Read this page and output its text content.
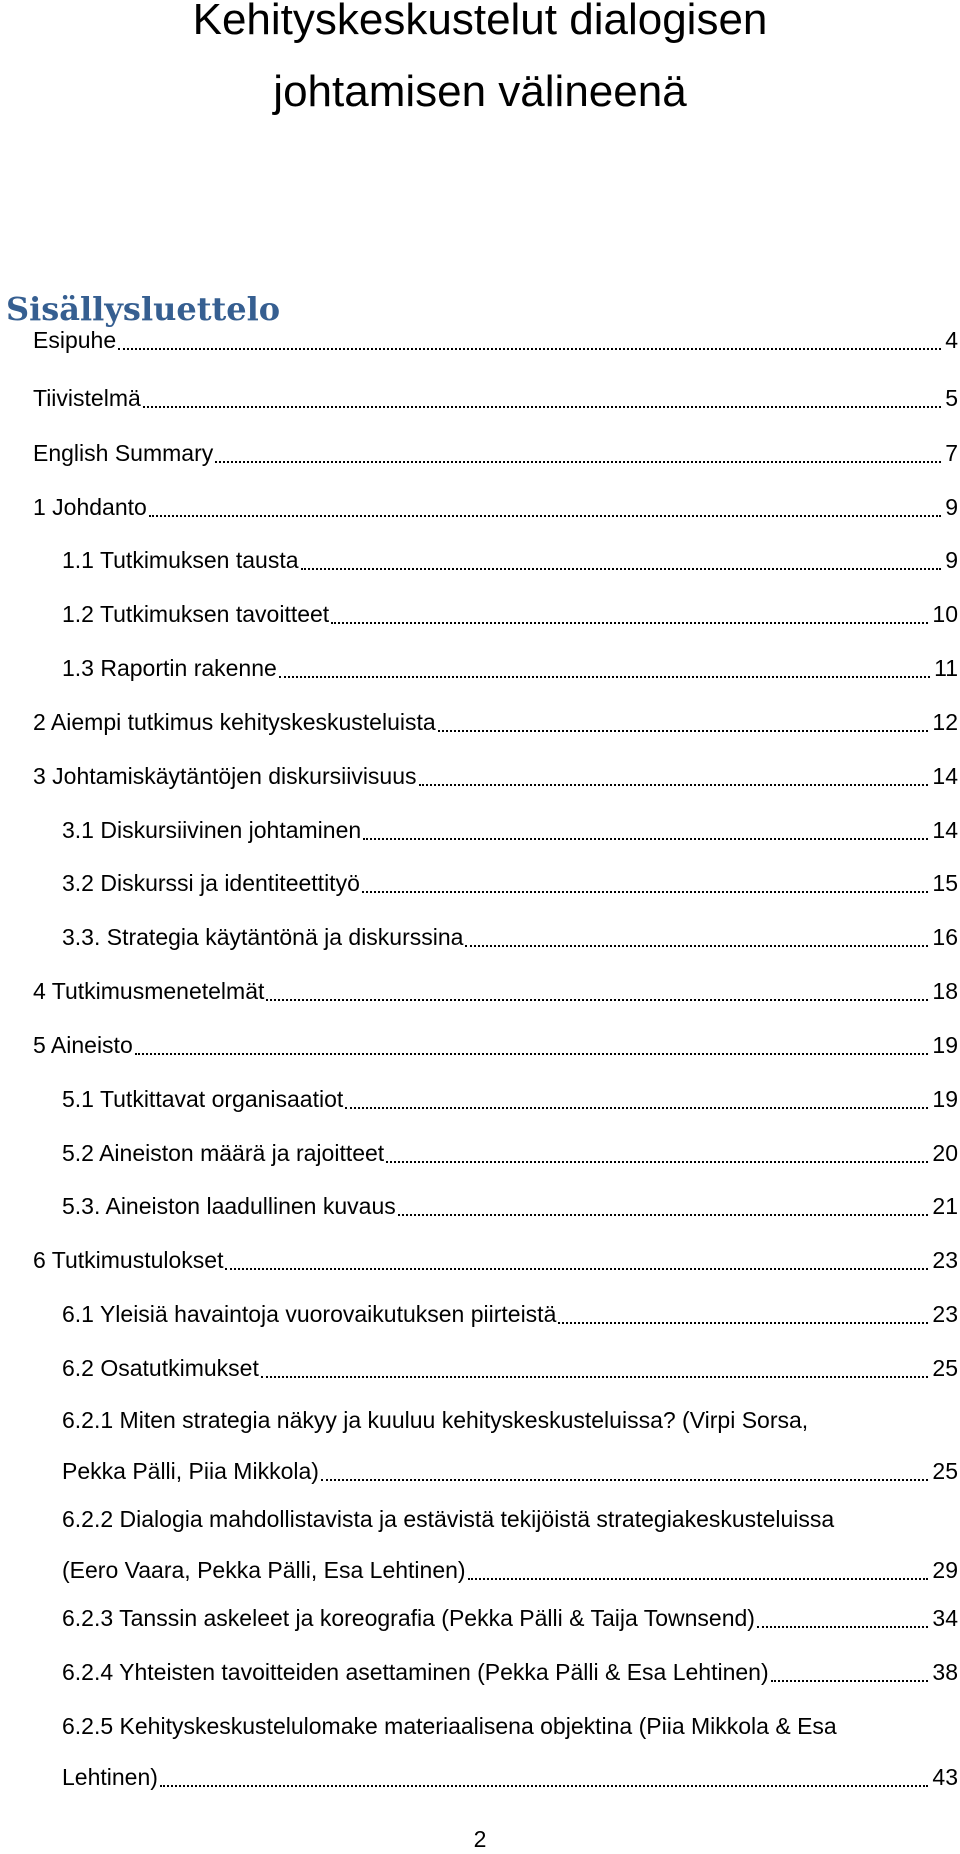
Kehityskeskustelut dialogisen
johtamisen välineenä
Sisällysluettelo
Esipuhe	4
Tiivistelmä	5
English Summary	7
1 Johdanto	9
1.1 Tutkimuksen tausta	9
1.2 Tutkimuksen tavoitteet	10
1.3 Raportin rakenne	11
2 Aiempi tutkimus kehityskeskusteluista	12
3 Johtamiskäytäntöjen diskursiivisuus	14
3.1 Diskursiivinen johtaminen	14
3.2 Diskurssi ja identiteettityö	15
3.3. Strategia käytäntönä ja diskurssina	16
4 Tutkimusmenetelmät	18
5 Aineisto	19
5.1 Tutkittavat organisaatiot	19
5.2 Aineiston määrä ja rajoitteet	20
5.3. Aineiston laadullinen kuvaus	21
6 Tutkimustulokset	23
6.1 Yleisiä havaintoja vuorovaikutuksen piirteistä	23
6.2 Osatutkimukset	25
6.2.1 Miten strategia näkyy ja kuuluu kehityskeskusteluissa? (Virpi Sorsa,
Pekka Pälli, Piia Mikkola)	25
6.2.2 Dialogia mahdollistavista ja estävistä tekijöistä strategiakeskusteluissa
(Eero Vaara, Pekka Pälli, Esa Lehtinen)	29
6.2.3 Tanssin askeleet ja koreografia (Pekka Pälli & Taija Townsend)	34
6.2.4 Yhteisten tavoitteiden asettaminen (Pekka Pälli & Esa Lehtinen)	38
6.2.5 Kehityskeskustelulomake materiaalisena objektina (Piia Mikkola & Esa
Lehtinen)	43
2
